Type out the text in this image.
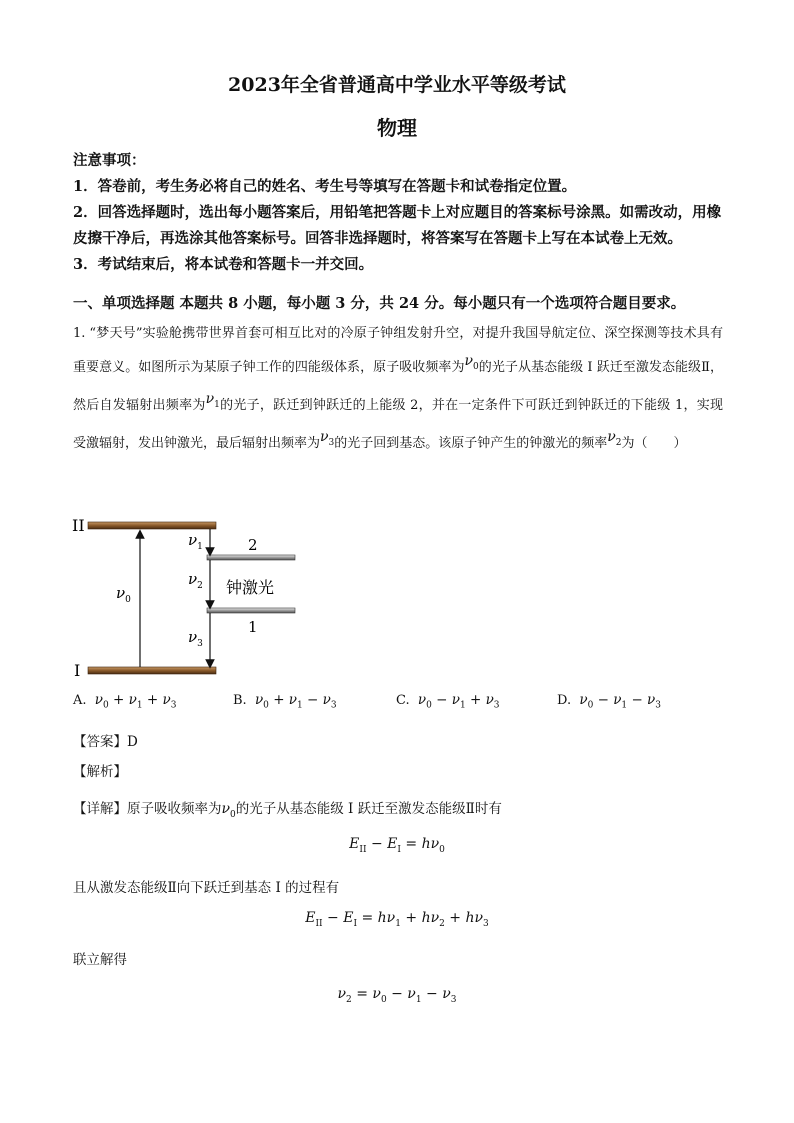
2023年全省普通高中学业水平等级考试
物理

注意事项：

1．答卷前，考生务必将自己的姓名、考生号等填写在答题卡和试卷指定位置。

2．回答选择题时，选出每小题答案后，用铅笔把答题卡上对应题目的答案标号涂黑。如需改动，用橡皮擦干净后，再选涂其他答案标号。回答非选择题时，将答案写在答题卡上写在本试卷上无效。

3．考试结束后，将本试卷和答题卡一并交回。

一、单项选择题 本题共 8 小题，每小题 3 分，共 24 分。每小题只有一个选项符合题目要求。
1. “梦天号”实验舱携带世界首套可相互比对的冷原子钟组发射升空，对提升我国导航定位、深空探测等技术具有重要意义。如图所示为某原子钟工作的四能级体系，原子吸收频率为$\nu_0$的光子从基态能级 I 跃迁至激发态能级Ⅱ，然后自发辐射出频率为$\nu_1$的光子，跃迁到钟跃迁的上能级 2，并在一定条件下可跃迁到钟跃迁的下能级 1，实现受激辐射，发出钟激光，最后辐射出频率为$\nu_3$的光子回到基态。该原子钟产生的钟激光的频率$\nu_2$为（　　）
II
I
2
1
$\nu_0$
$\nu_1$
$\nu_2$ 钟激光
$\nu_3$
A. $\nu_0 + \nu_1 + \nu_3$	B. $\nu_0 + \nu_1 - \nu_3$	C. $\nu_0 - \nu_1 + \nu_3$	D. $\nu_0 - \nu_1 - \nu_3$
【答案】D
【解析】
【详解】原子吸收频率为$\nu_0$的光子从基态能级 I 跃迁至激发态能级Ⅱ时有
$E_{II} - E_I = h\nu_0$
且从激发态能级Ⅱ向下跃迁到基态 I 的过程有
$E_{II} - E_I = h\nu_1 + h\nu_2 + h\nu_3$
联立解得
$\nu_2 = \nu_0 - \nu_1 - \nu_3$
